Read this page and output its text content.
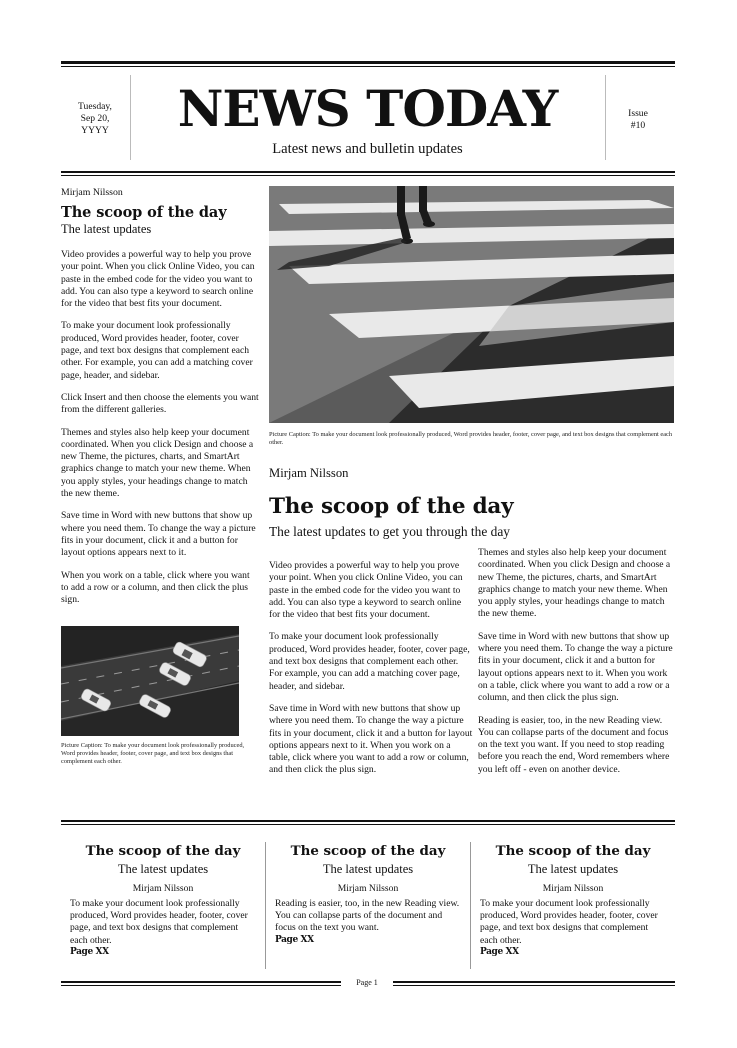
Tuesday,
Sep 20,
YYYY	NEWS TODAY
Latest news and bulletin updates
Issue
#10
Mirjam Nilsson
The scoop of the day
The latest updates
Video provides a powerful way to help you prove your point. When you click Online Video, you can paste in the embed code for the video you want to add. You can also type a keyword to search online for the video that best fits your document.
To make your document look professionally produced, Word provides header, footer, cover page, and text box designs that complement each other. For example, you can add a matching cover page, header, and sidebar.
Click Insert and then choose the elements you want from the different galleries.
Themes and styles also help keep your document coordinated. When you click Design and choose a new Theme, the pictures, charts, and SmartArt graphics change to match your new theme. When you apply styles, your headings change to match the new theme.
Save time in Word with new buttons that show up where you need them. To change the way a picture fits in your document, click it and a button for layout options appears next to it.
When you work on a table, click where you want to add a row or a column, and then click the plus sign.
Picture Caption: To make your document look professionally produced, Word provides header, footer, cover page, and text box designs that complement each other.
Picture Caption: To make your document look professionally produced, Word provides header, footer, cover page, and text box designs that complement each other.
Mirjam Nilsson
The scoop of the day
The latest updates to get you through the day
Video provides a powerful way to help you prove your point. When you click Online Video, you can paste in the embed code for the video you want to add. You can also type a keyword to search online for the video that best fits your document.
To make your document look professionally produced, Word provides header, footer, cover page, and text box designs that complement each other. For example, you can add a matching cover page, header, and sidebar.
Save time in Word with new buttons that show up where you need them. To change the way a picture fits in your document, click it and a button for layout options appears next to it. When you work on a table, click where you want to add a row or column, and then click the plus sign.
Themes and styles also help keep your document coordinated. When you click Design and choose a new Theme, the pictures, charts, and SmartArt graphics change to match your new theme. When you apply styles, your headings change to match the new theme.
Save time in Word with new buttons that show up where you need them. To change the way a picture fits in your document, click it and a button for layout options appears next to it. When you work on a table, click where you want to add a row or a column, and then click the plus sign.
Reading is easier, too, in the new Reading view. You can collapse parts of the document and focus on the text you want. If you need to stop reading before you reach the end, Word remembers where you left off - even on another device.
The scoop of the day
The latest updates
Mirjam Nilsson
To make your document look professionally produced, Word provides header, footer, cover page, and text box designs that complement each other.
Page XX
The scoop of the day
The latest updates
Mirjam Nilsson
Reading is easier, too, in the new Reading view. You can collapse parts of the document and focus on the text you want.
Page XX
The scoop of the day
The latest updates
Mirjam Nilsson
To make your document look professionally produced, Word provides header, footer, cover page, and text box designs that complement each other.
Page XX
Page 1
